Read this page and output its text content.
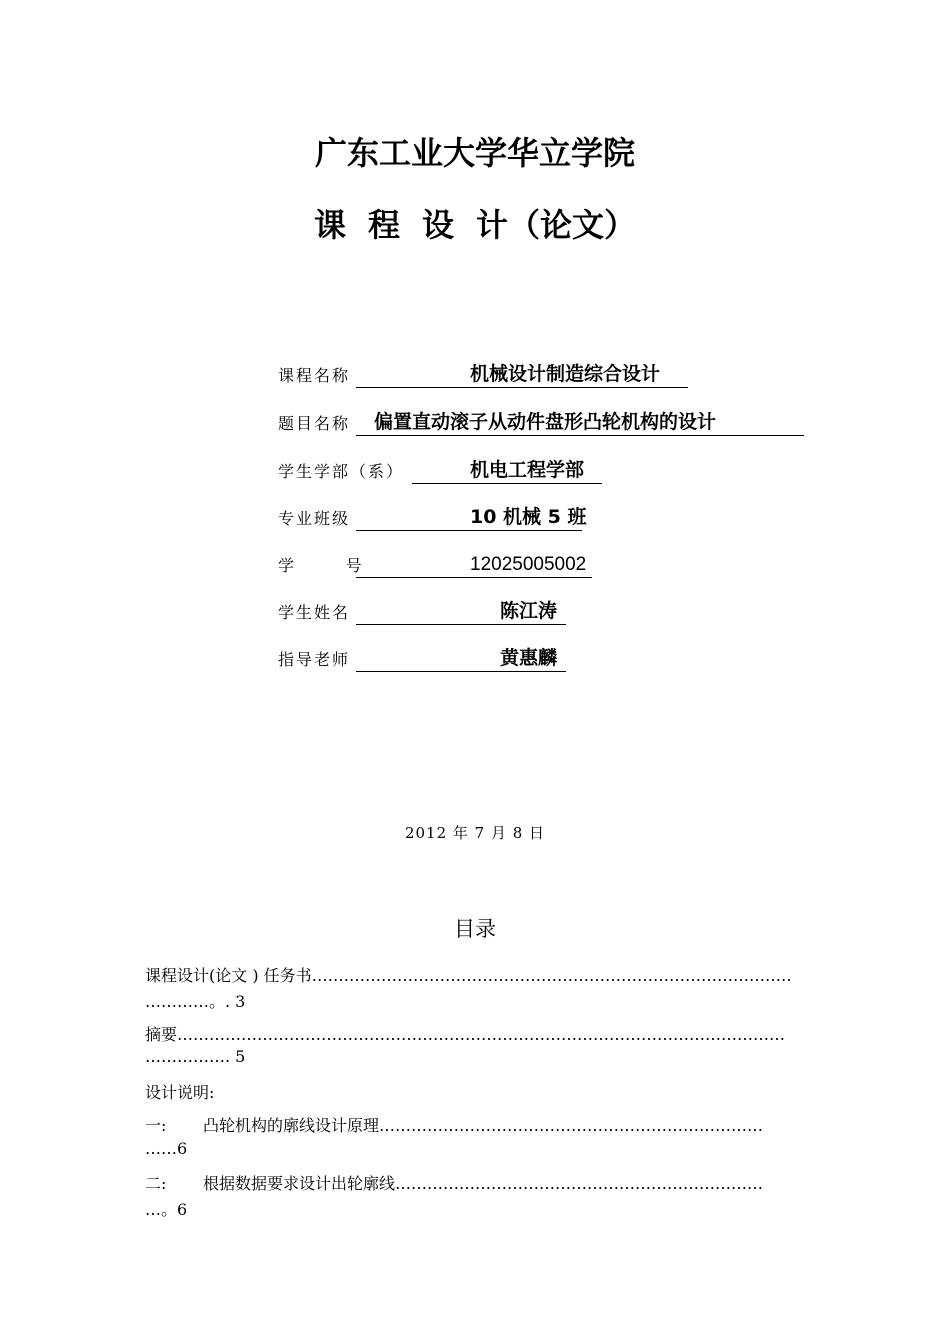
广东工业大学华立学院
课 程 设 计（论文）
课程名称	机械设计制造综合设计
题目名称 偏置直动滚子从动件盘形凸轮机构的设计
学生学部（系）	机电工程学部
专业班级	10 机械 5 班
学       号	12025005002
学生姓名	陈江涛
指导老师	黄惠麟
2012 年 7 月 8 日
目录
课程设计(论文 ) 任务书………………………………………………………………………………
…………。. 3
摘要……………………………………………………………………………………………………
……………. 5
设计说明:
一: 凸轮机构的廓线设计原理………………………………………………………………
……6
二: 根据数据要求设计出轮廓线……………………………………………………………
…。6
